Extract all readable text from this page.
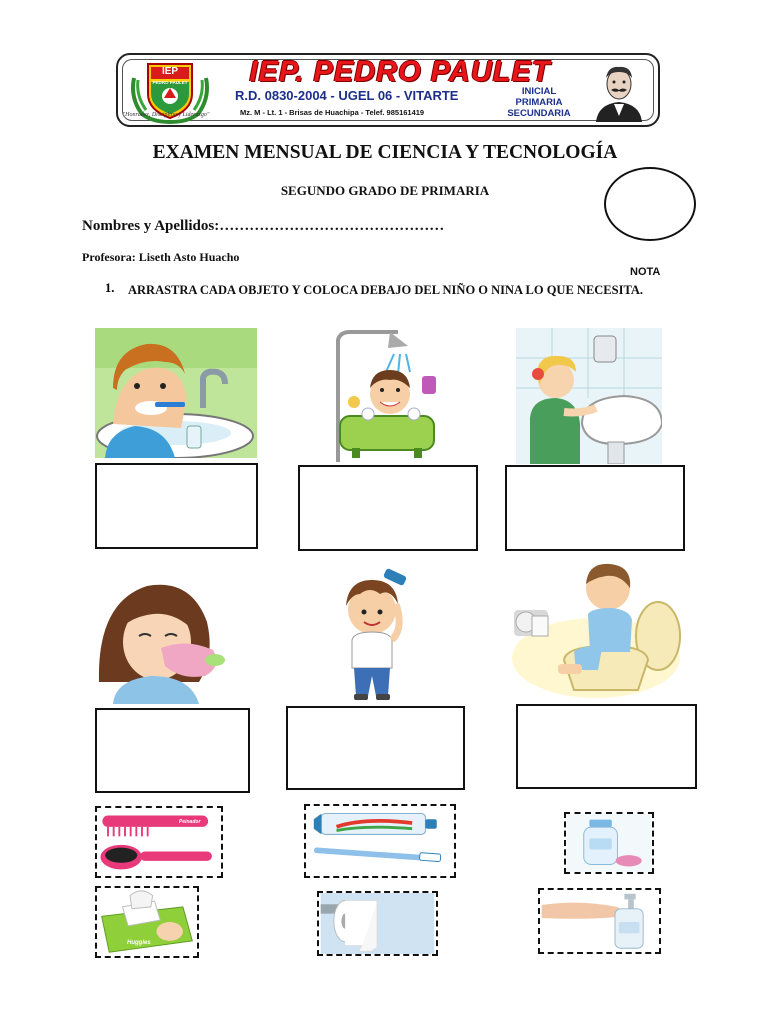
IEP
PEDRO PAULET	IEP. PEDRO PAULET
R.D. 0830-2004 - UGEL 06 - VITARTE
Mz. M - Lt. 1 - Brisas de Huachipa - Telef. 985161419
"Honradez, Disciplina y Liderazgo"
INICIAL
PRIMARIA
SECUNDARIA
EXAMEN MENSUAL DE CIENCIA Y TECNOLOGÍA
SEGUNDO GRADO DE PRIMARIA
Nombres y Apellidos:………………………………………
Profesora: Liseth Asto Huacho
NOTA
1.	ARRASTRA CADA OBJETO Y COLOCA DEBAJO DEL NIÑO O NINA LO QUE NECESITA.
Peinador
Huggies
